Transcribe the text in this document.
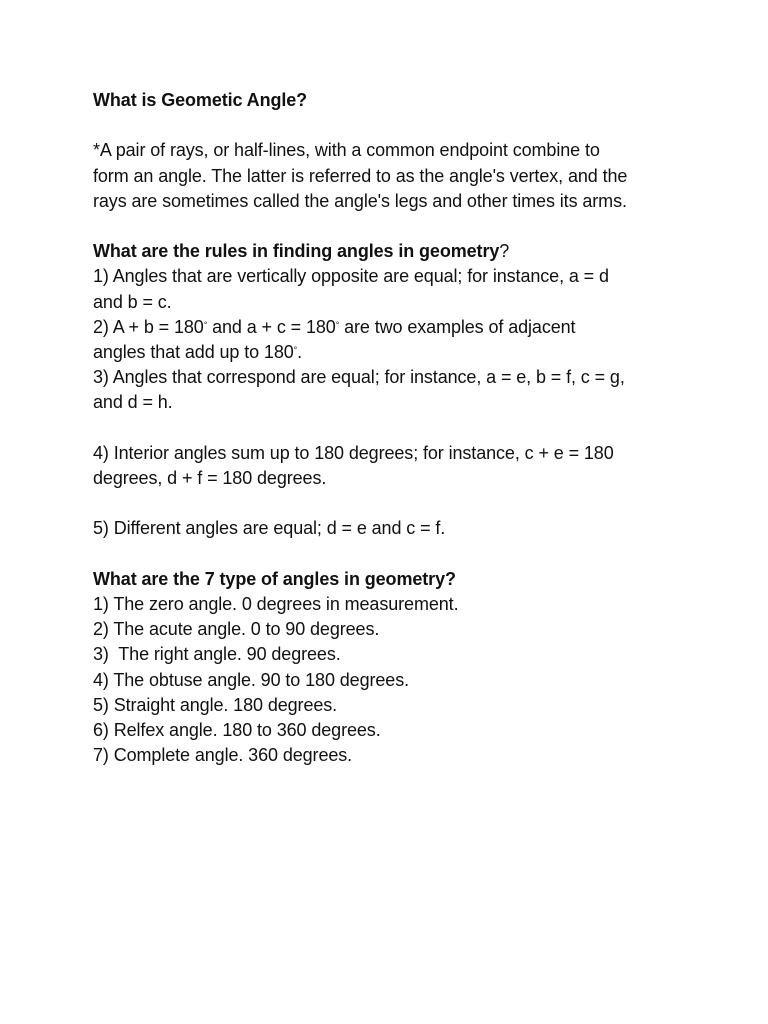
What is Geometic Angle?

*A pair of rays, or half-lines, with a common endpoint combine to
form an angle. The latter is referred to as the angle's vertex, and the
rays are sometimes called the angle's legs and other times its arms.

What are the rules in finding angles in geometry?

1) Angles that are vertically opposite are equal; for instance, a = d
and b = c.

2) A + b = 180° and a + c = 180° are two examples of adjacent
angles that add up to 180°.

3) Angles that correspond are equal; for instance, a = e, b = f, c = g,
and d = h.

4) Interior angles sum up to 180 degrees; for instance, c + e = 180
degrees, d + f = 180 degrees.

5) Different angles are equal; d = e and c = f.

What are the 7 type of angles in geometry?

1) The zero angle. 0 degrees in measurement.
2) The acute angle. 0 to 90 degrees.
3)  The right angle. 90 degrees.
4) The obtuse angle. 90 to 180 degrees.
5) Straight angle. 180 degrees.
6) Relfex angle. 180 to 360 degrees.
7) Complete angle. 360 degrees.
